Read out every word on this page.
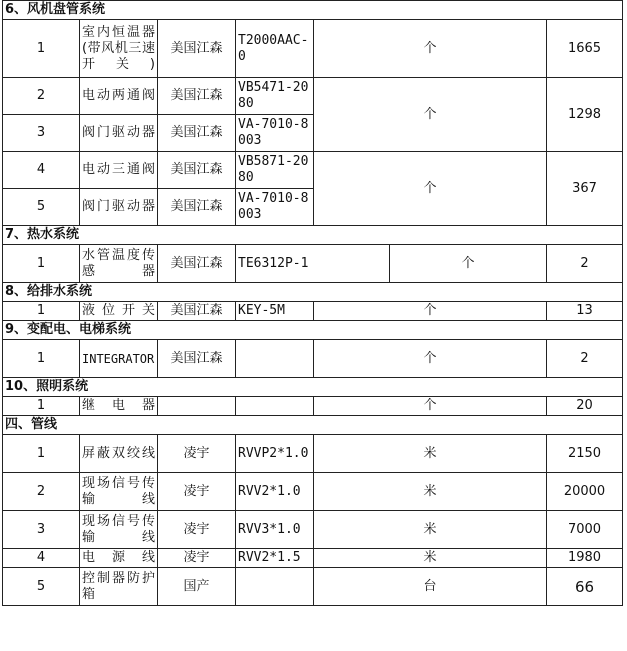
6、风机盘管系统						
1	室内恒温器(带风机三速开关)	美国江森	T2000AAC-0	个		1665
2	电动两通阀	美国江森	VB5471-2080	个		1298
3	阀门驱动器	美国江森	VA-7010-8003			
4	电动三通阀	美国江森	VB5871-2080	个		367
5	阀门驱动器	美国江森	VA-7010-8003			
7、热水系统						
1	水管温度传感器	美国江森	TE6312P-1		个	2
8、给排水系统						
1	液位开关	美国江森	KEY-5M	个		13
9、变配电、电梯系统						
1	INTEGRATOR	美国江森		个		2
10、照明系统						
1	继电器			个		20
四、管线						
1	屏蔽双绞线	凌宇	RVVP2*1.0	米		2150
2	现场信号传输线	凌宇	RVV2*1.0	米		20000
3	现场信号传输线	凌宇	RVV3*1.0	米		7000
4	电源线	凌宇	RVV2*1.5	米		1980
5	控制器防护箱	国产		台		66
